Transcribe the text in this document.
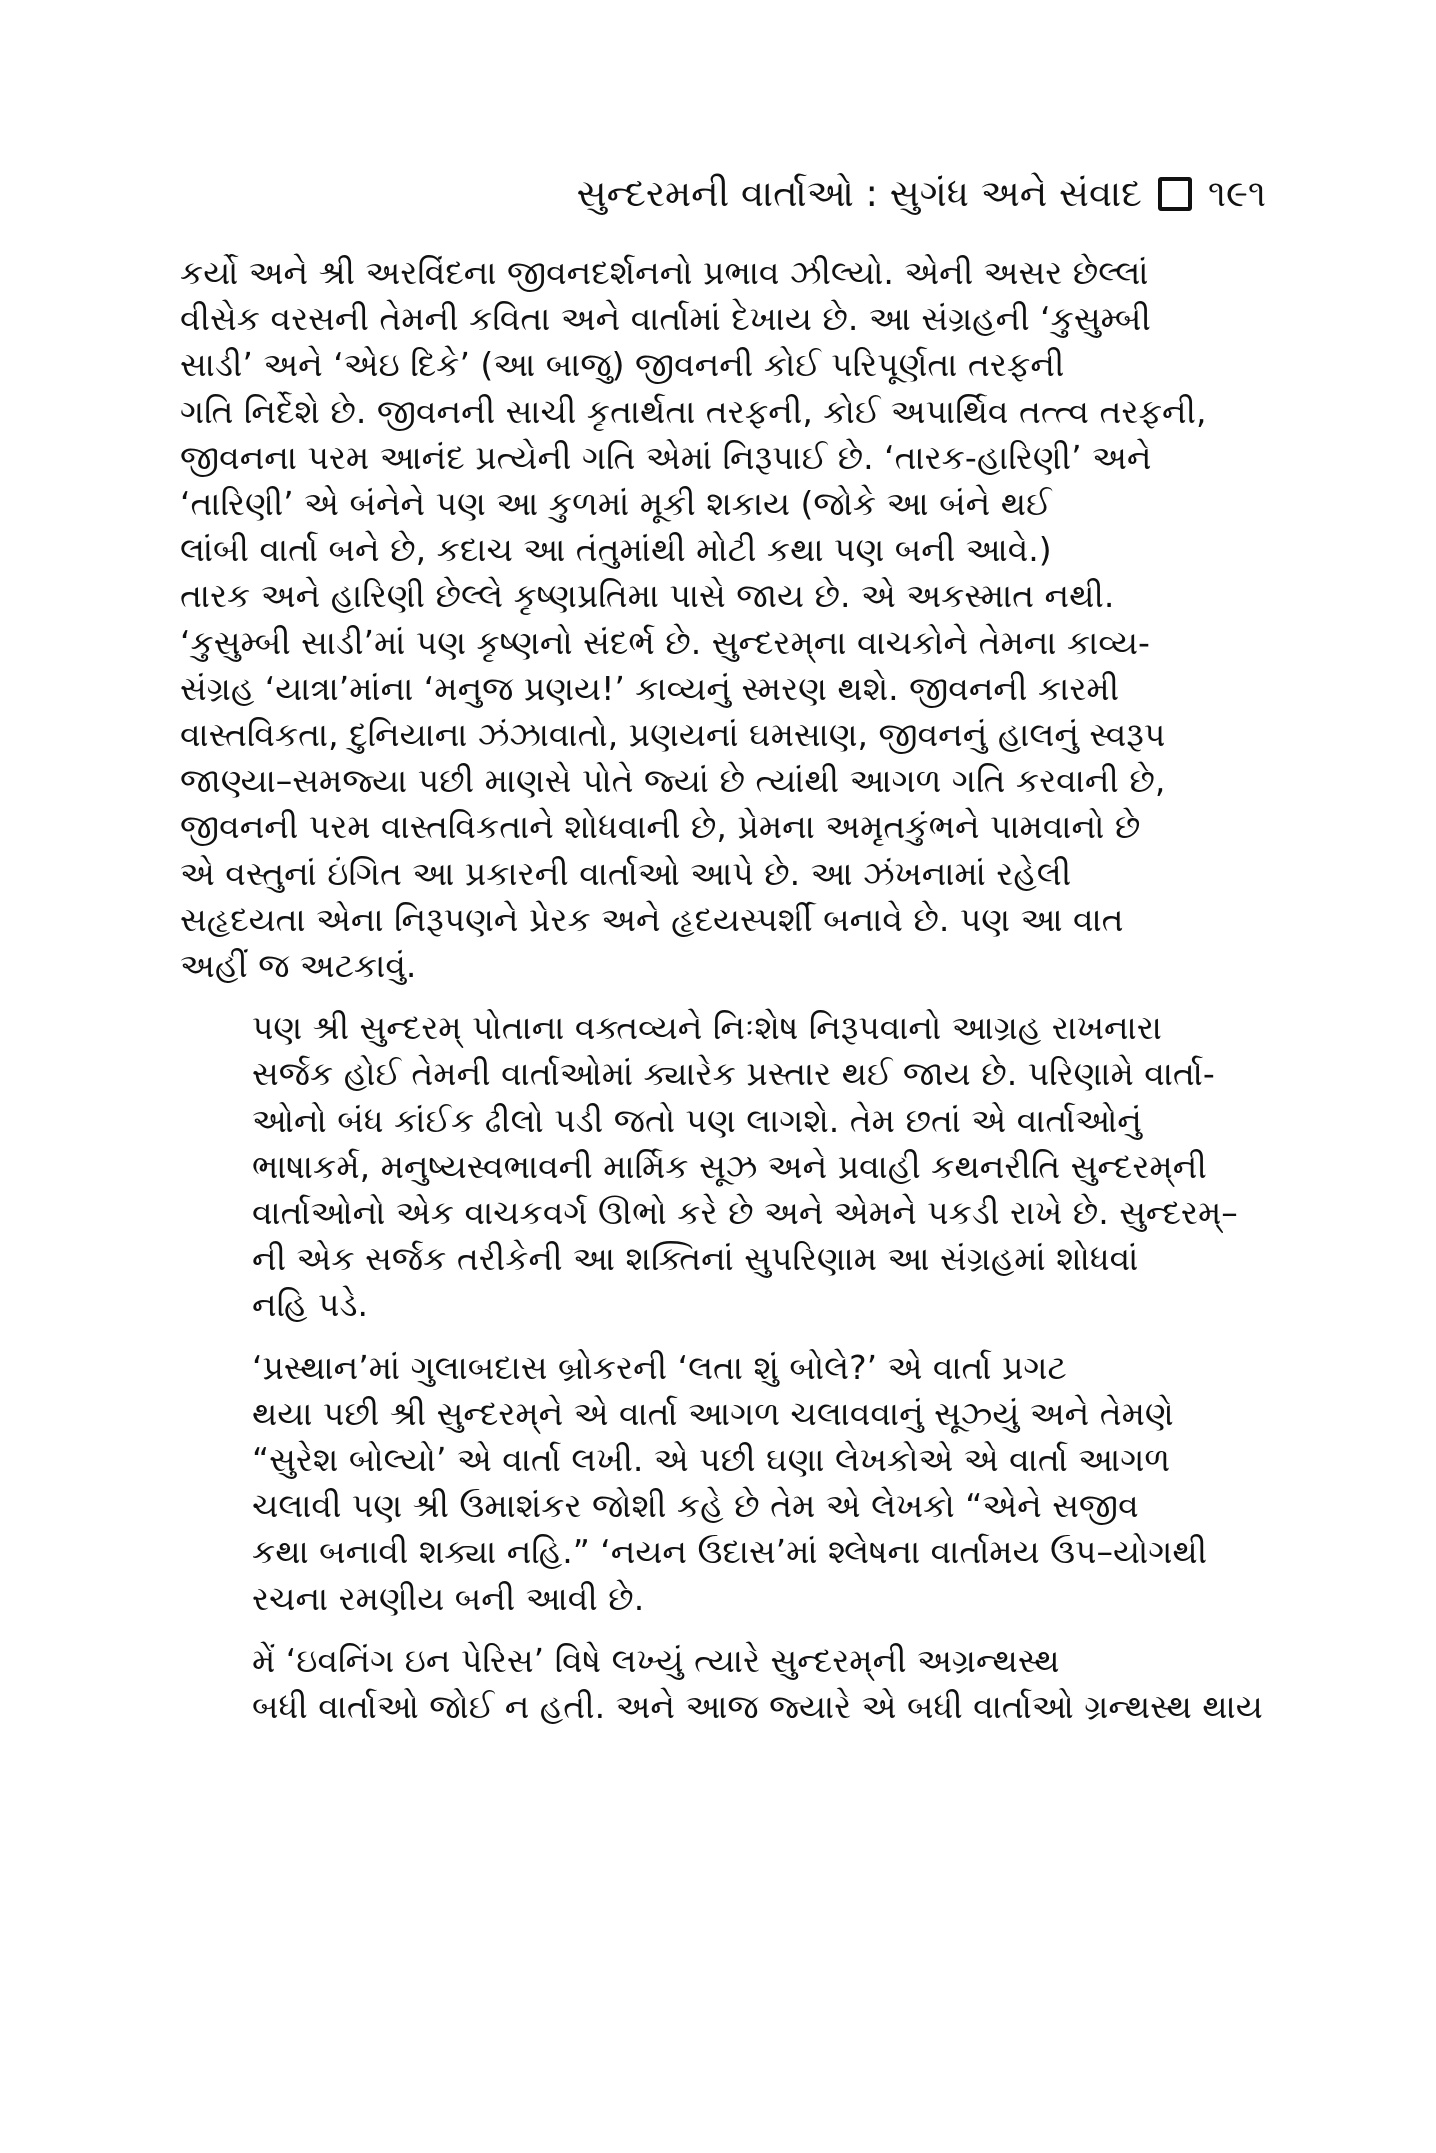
સુન્દરમની વાર્તાઓ : સુગંધ અને સંવાદ ૧૯૧
કર્યો અને શ્રી અરવિંદના જીવનદર્શનનો પ્રભાવ ઝીલ્યો. એની અસર છેલ્લાં
વીસેક વરસની તેમની કવિતા અને વાર્તામાં દેખાય છે. આ સંગ્રહની ‘કુસુમ્બી
સાડી’ અને ‘એઇ દિકે’ (આ બાજુ) જીવનની કોઈ પરિપૂર્ણતા તરફની
ગતિ નિર્દેશે છે. જીવનની સાચી કૃતાર્થતા તરફની, કોઈ અપાર્થિવ તત્ત્વ તરફની,
જીવનના પરમ આનંદ પ્રત્યેની ગતિ એમાં નિરૂપાઈ છે. ‘તારક-હારિણી’ અને
‘તારિણી’ એ બંનેને પણ આ કુળમાં મૂકી શકાય (જોકે આ બંને થઈ
લાંબી વાર્તા બને છે, કદાચ આ તંતુમાંથી મોટી કથા પણ બની આવે.)
તારક અને હારિણી છેલ્લે કૃષ્ણપ્રતિમા પાસે જાય છે. એ અકસ્માત નથી.
‘કુસુમ્બી સાડી’માં પણ કૃષ્ણનો સંદર્ભ છે. સુન્દરમ્‌ના વાચકોને તેમના કાવ્ય-
સંગ્રહ ‘યાત્રા’માંના ‘મનુજ પ્રણય!’ કાવ્યનું સ્મરણ થશે. જીવનની કારમી
વાસ્તવિકતા, દુનિયાના ઝંઝાવાતો, પ્રણયનાં ઘમસાણ, જીવનનું હાલનું સ્વરૂપ
જાણ્યા–સમજ્યા પછી માણસે પોતે જ્યાં છે ત્યાંથી આગળ ગતિ કરવાની છે,
જીવનની પરમ વાસ્તવિકતાને શોધવાની છે, પ્રેમના અમૃતકુંભને પામવાનો છે
એ વસ્તુનાં ઇંગિત આ પ્રકારની વાર્તાઓ આપે છે. આ ઝંખનામાં રહેલી
સહૃદયતા એના નિરૂપણને પ્રેરક અને હૃદયસ્પર્શી બનાવે છે. પણ આ વાત
અહીં જ અટકાવું.
પણ શ્રી સુન્દરમ્‌ પોતાના વક્તવ્યને નિઃશેષ નિરૂપવાનો આગ્રહ રાખનારા
સર્જક હોઈ તેમની વાર્તાઓમાં ક્યારેક પ્રસ્તાર થઈ જાય છે. પરિણામે વાર્તા-
ઓનો બંધ કાંઈક ઢીલો પડી જતો પણ લાગશે. તેમ છતાં એ વાર્તાઓનું
ભાષાકર્મ, મનુષ્યસ્વભાવની માર્મિક સૂઝ અને પ્રવાહી કથનરીતિ સુન્દરમ્‌ની
વાર્તાઓનો એક વાચકવર્ગ ઊભો કરે છે અને એમને પકડી રાખે છે. સુન્દરમ્–
ની એક સર્જક તરીકેની આ શક્તિનાં સુપરિણામ આ સંગ્રહમાં શોધવાં
નહિ પડે.
‘પ્રસ્થાન’માં ગુલાબદાસ બ્રોકરની ‘લતા શું બોલે?’ એ વાર્તા પ્રગટ
થયા પછી શ્રી સુન્દરમ્‌ને એ વાર્તા આગળ ચલાવવાનું સૂઝ્યું અને તેમણે
“સુરેશ બોલ્યો’ એ વાર્તા લખી. એ પછી ઘણા લેખકોએ એ વાર્તા આગળ
ચલાવી પણ શ્રી ઉમાશંકર જોશી કહે છે તેમ એ લેખકો “એને સજીવ
કથા બનાવી શક્યા નહિ.” ‘નયન ઉદાસ’માં શ્લેષના વાર્તામય ઉપ–યોગથી
રચના રમણીય બની આવી છે.
મેં ‘ઇવનિંગ ઇન પેરિસ’ વિષે લખ્યું ત્યારે સુન્દરમ્‌ની અગ્રન્થસ્થ
બધી વાર્તાઓ જોઈ ન હતી. અને આજ જ્યારે એ બધી વાર્તાઓ ગ્રન્થસ્થ થાય
